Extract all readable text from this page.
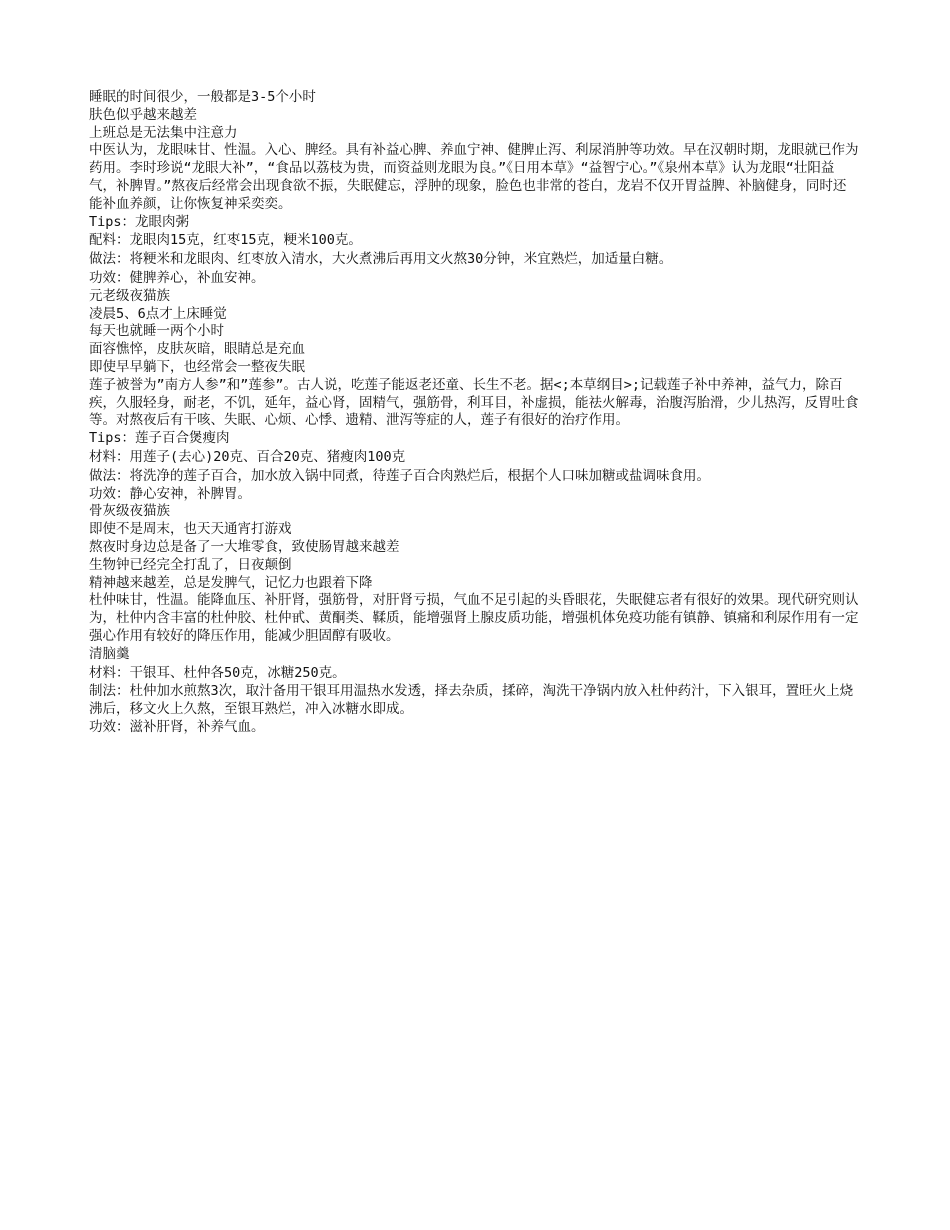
睡眠的时间很少，一般都是3-5个小时

肤色似乎越来越差

上班总是无法集中注意力

中医认为，龙眼味甘、性温。入心、脾经。具有补益心脾、养血宁神、健脾止泻、利尿消肿等功效。早在汉朝时期，龙眼就已作为药用。李时珍说“龙眼大补”，“食品以荔枝为贵，而资益则龙眼为良。”《日用本草》“益智宁心。”《泉州本草》认为龙眼“壮阳益气，补脾胃。”熬夜后经常会出现食欲不振，失眠健忘，浮肿的现象，脸色也非常的苍白，龙岩不仅开胃益脾、补脑健身，同时还能补血养颜，让你恢复神采奕奕。

Tips：龙眼肉粥

配料：龙眼肉15克，红枣15克，粳米100克。

做法：将粳米和龙眼肉、红枣放入清水，大火煮沸后再用文火熬30分钟，米宜熟烂，加适量白糖。

功效：健脾养心，补血安神。

元老级夜猫族

凌晨5、6点才上床睡觉

每天也就睡一两个小时

面容憔悴，皮肤灰暗，眼睛总是充血

即使早早躺下，也经常会一整夜失眠

莲子被誉为”南方人参”和”莲参”。古人说，吃莲子能返老还童、长生不老。据<;本草纲目>;记载莲子补中养神，益气力，除百疾，久服轻身，耐老，不饥，延年，益心肾，固精气，强筋骨，利耳目，补虚损，能祛火解毒，治腹泻胎滑，少儿热泻，反胃吐食等。对熬夜后有干咳、失眠、心烦、心悸、遗精、泄泻等症的人，莲子有很好的治疗作用。

Tips：莲子百合煲瘦肉

材料：用莲子(去心)20克、百合20克、猪瘦肉100克

做法：将洗净的莲子百合，加水放入锅中同煮，待莲子百合肉熟烂后，根据个人口味加糖或盐调味食用。

功效：静心安神，补脾胃。

骨灰级夜猫族

即使不是周末，也天天通宵打游戏

熬夜时身边总是备了一大堆零食，致使肠胃越来越差

生物钟已经完全打乱了，日夜颠倒

精神越来越差，总是发脾气，记忆力也跟着下降

杜仲味甘，性温。能降血压、补肝肾，强筋骨，对肝肾亏损，气血不足引起的头昏眼花，失眠健忘者有很好的效果。现代研究则认为，杜仲内含丰富的杜仲胶、杜仲甙、黄酮类、鞣质，能增强肾上腺皮质功能，增强机体免疫功能有镇静、镇痛和利尿作用有一定强心作用有较好的降压作用，能减少胆固醇有吸收。

清脑羹

材料：干银耳、杜仲各50克，冰糖250克。

制法：杜仲加水煎熬3次，取汁备用干银耳用温热水发透，择去杂质，揉碎，淘洗干净锅内放入杜仲药汁，下入银耳，置旺火上烧沸后，移文火上久熬，至银耳熟烂，冲入冰糖水即成。

功效：滋补肝肾，补养气血。
